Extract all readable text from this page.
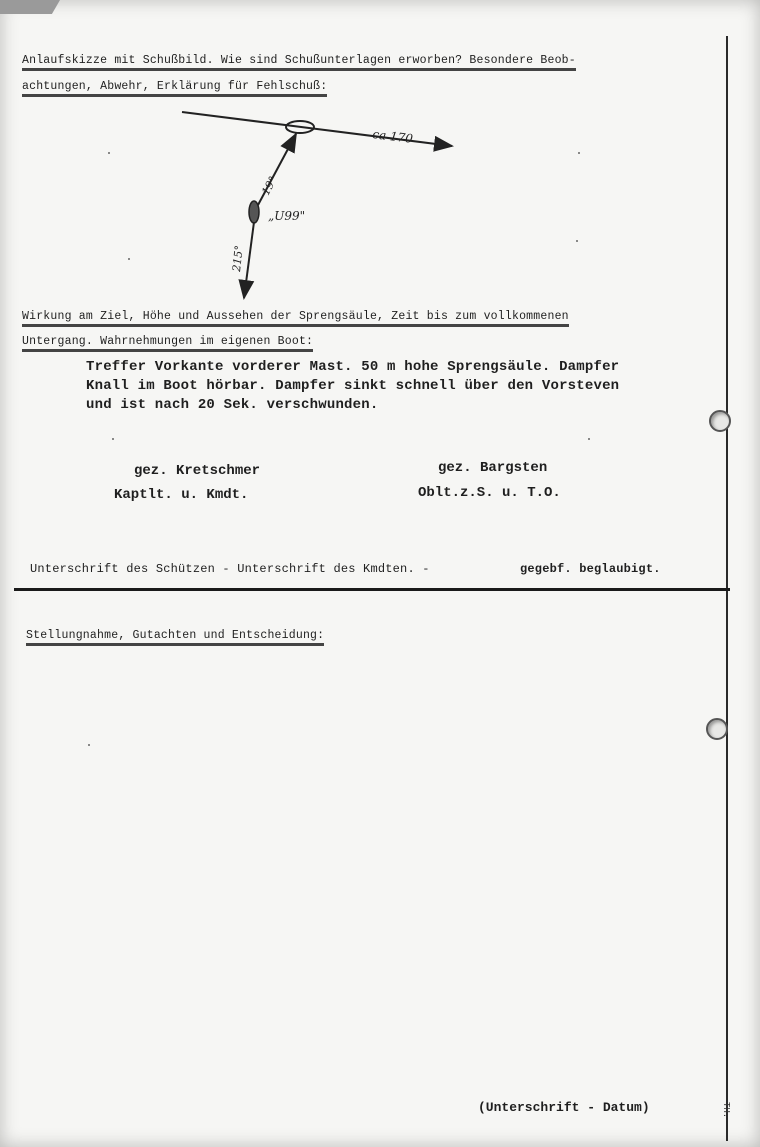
Anlaufskizze mit Schußbild. Wie sind Schußunterlagen erworben? Besondere Beob-
achtungen, Abwehr, Erklärung für Fehlschuß:
ca 170
19°
„U99"
215°
Wirkung am Ziel, Höhe und Aussehen der Sprengsäule, Zeit bis zum vollkommenen
Untergang. Wahrnehmungen im eigenen Boot:
Treffer Vorkante vorderer Mast. 50 m hohe Sprengsäule. Dampfer
Knall im Boot hörbar. Dampfer sinkt schnell über den Vorsteven
und ist nach 20 Sek. verschwunden.
gez. Kretschmer
Kaptlt. u. Kmdt.
gez. Bargsten
Oblt.z.S. u. T.O.
Unterschrift des Schützen - Unterschrift des Kmdten. -	gegebf. beglaubigt.
Stellungnahme, Gutachten und Entscheidung:
(Unterschrift - Datum)	TH.
